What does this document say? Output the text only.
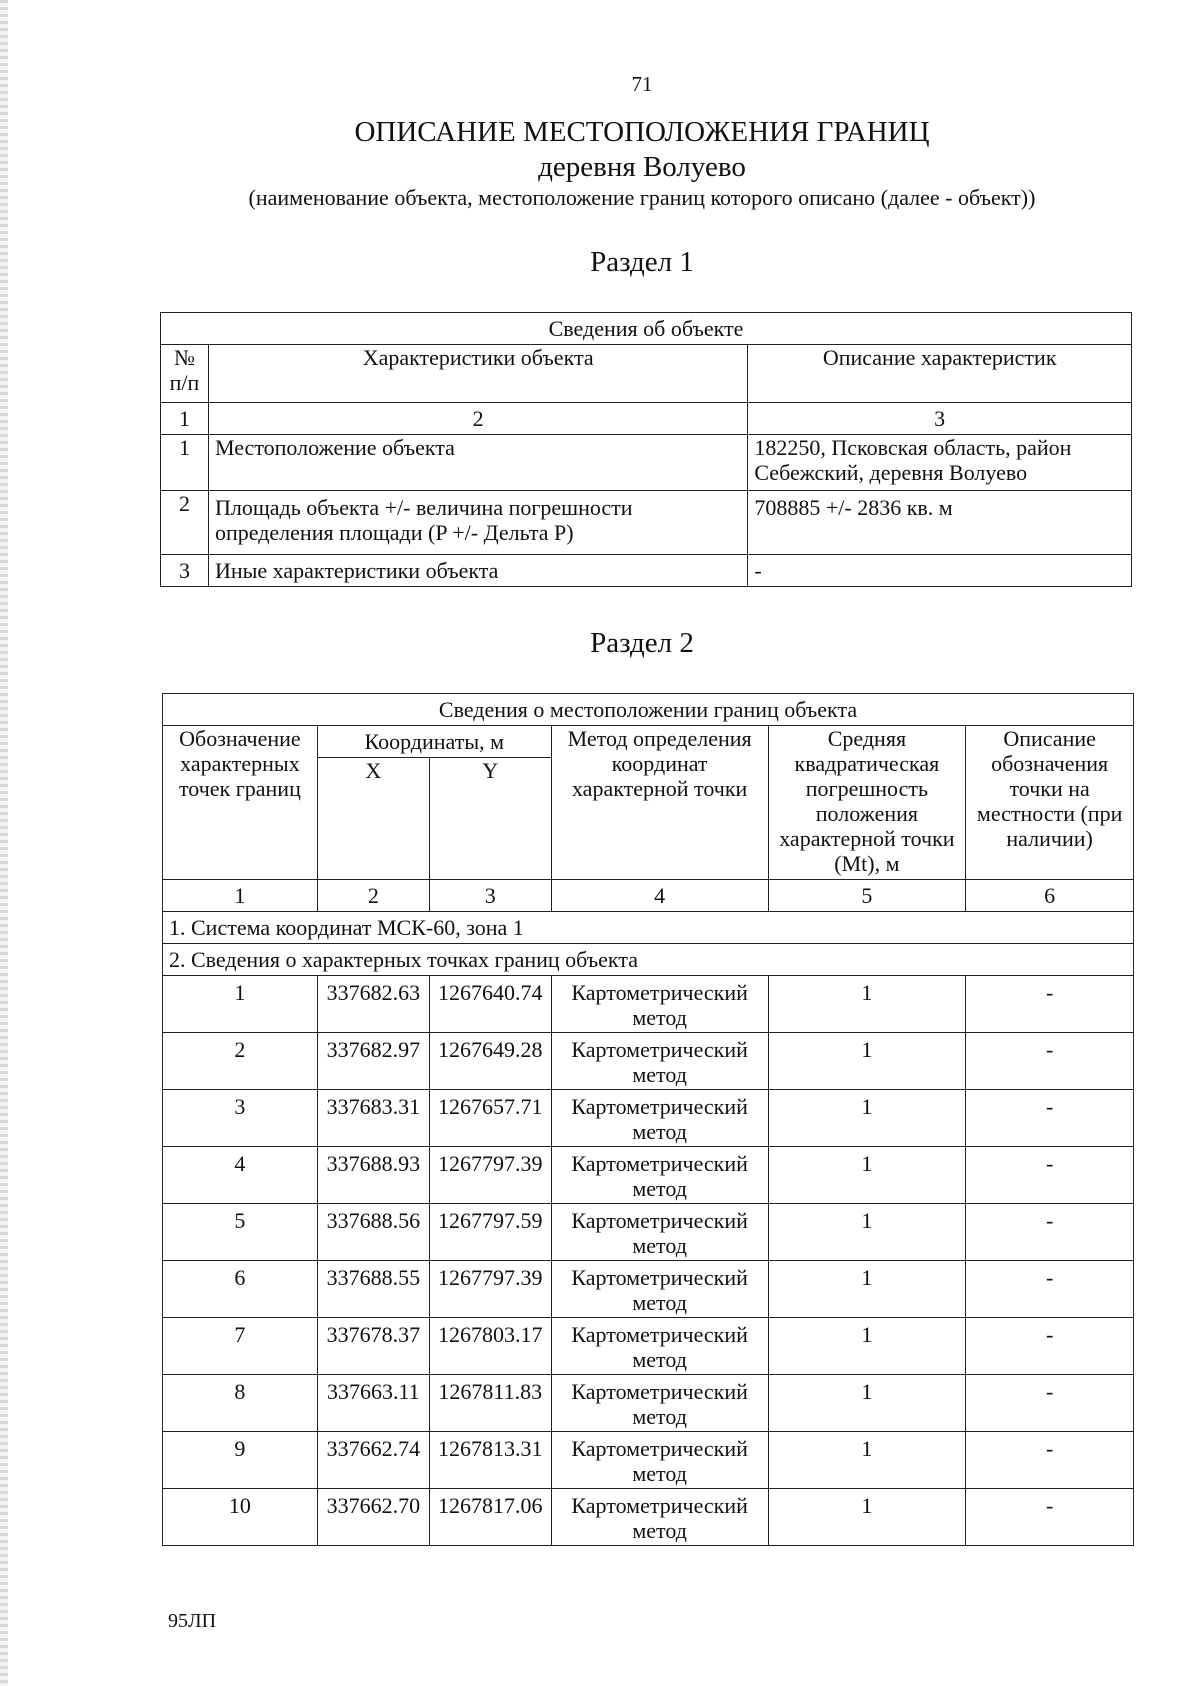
71
ОПИСАНИЕ МЕСТОПОЛОЖЕНИЯ ГРАНИЦ
деревня Волуево
(наименование объекта, местоположение границ которого описано (далее - объект))
Раздел 1
Сведения об объекте		
№ п/п	Характеристики объекта	Описание характеристик
1	2	3
1	Местоположение объекта	182250, Псковская область, район Себежский, деревня Волуево
2	Площадь объекта +/- величина погрешности определения площади (P +/- Дельта P)	708885 +/- 2836 кв. м
3	Иные характеристики объекта	-
Раздел 2
Сведения о местоположении границ объекта					
Обозначение характерных точек границ	Координаты, м		Метод определения координат характерной точки	Средняя квадратическая погрешность положения характерной точки (Mt), м	Описание обозначения точки на местности (при наличии)
	X	Y			
1	2	3	4	5	6
1. Система координат МСК-60, зона 1					
2. Сведения о характерных точках границ объекта					
1	337682.63	1267640.74	Картометрический метод	1	-
2	337682.97	1267649.28	Картометрический метод	1	-
3	337683.31	1267657.71	Картометрический метод	1	-
4	337688.93	1267797.39	Картометрический метод	1	-
5	337688.56	1267797.59	Картометрический метод	1	-
6	337688.55	1267797.39	Картометрический метод	1	-
7	337678.37	1267803.17	Картометрический метод	1	-
8	337663.11	1267811.83	Картометрический метод	1	-
9	337662.74	1267813.31	Картометрический метод	1	-
10	337662.70	1267817.06	Картометрический метод	1	-
95ЛП
